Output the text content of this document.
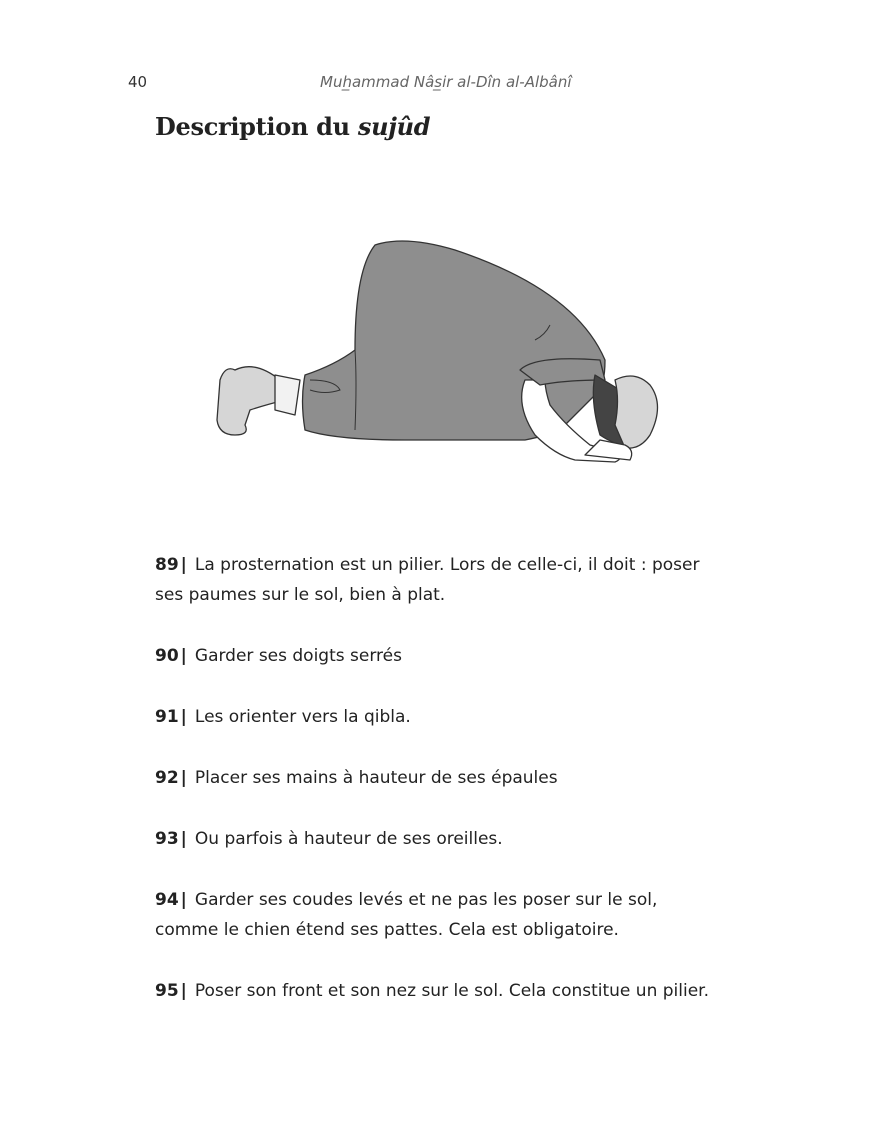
40	Muh̲ammad Nâs̲ir al-Dîn al-Albânî
Description du sujûd

89 | La prosternation est un pilier. Lors de celle-ci, il doit : poser ses paumes sur le sol, bien à plat.

90 | Garder ses doigts serrés

91 | Les orienter vers la qibla.

92 | Placer ses mains à hauteur de ses épaules

93 | Ou parfois à hauteur de ses oreilles.

94 | Garder ses coudes levés et ne pas les poser sur le sol, comme le chien étend ses pattes. Cela est obligatoire.

95 | Poser son front et son nez sur le sol. Cela constitue un pilier.
